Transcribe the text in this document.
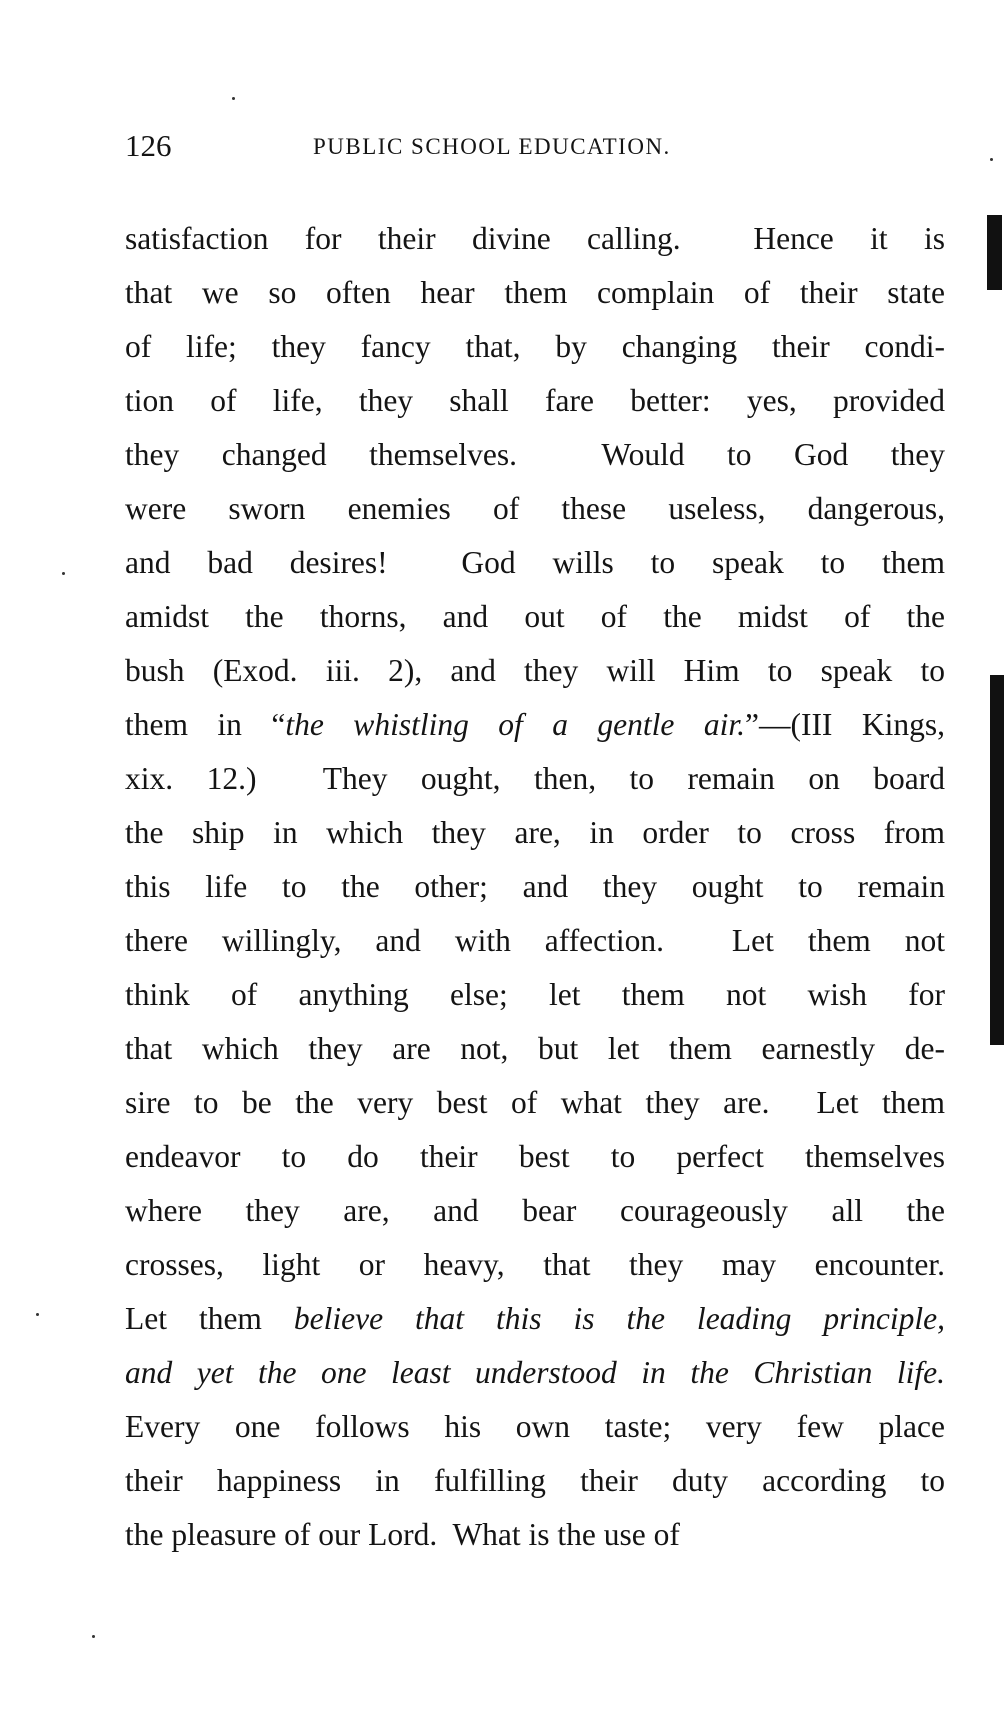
126	PUBLIC SCHOOL EDUCATION.
satisfaction for their divine calling.  Hence it is
that we so often hear them complain of their state
of life; they fancy that, by changing their condi-
tion of life, they shall fare better: yes, provided
they changed themselves.  Would to God they
were sworn enemies of these useless, dangerous,
and bad desires!  God wills to speak to them
amidst the thorns, and out of the midst of the
bush (Exod. iii. 2), and they will Him to speak to
them in “the whistling of a gentle air.”—(III Kings,
xix. 12.)  They ought, then, to remain on board
the ship in which they are, in order to cross from
this life to the other; and they ought to remain
there willingly, and with affection.  Let them not
think of anything else; let them not wish for
that which they are not, but let them earnestly de-
sire to be the very best of what they are.  Let them
endeavor to do their best to perfect themselves
where they are, and bear courageously all the
crosses, light or heavy, that they may encounter.
Let them believe that this is the leading principle,
and yet the one least understood in the Christian life.
Every one follows his own taste; very few place
their happiness in fulfilling their duty according to
the pleasure of our Lord.  What is the use of
